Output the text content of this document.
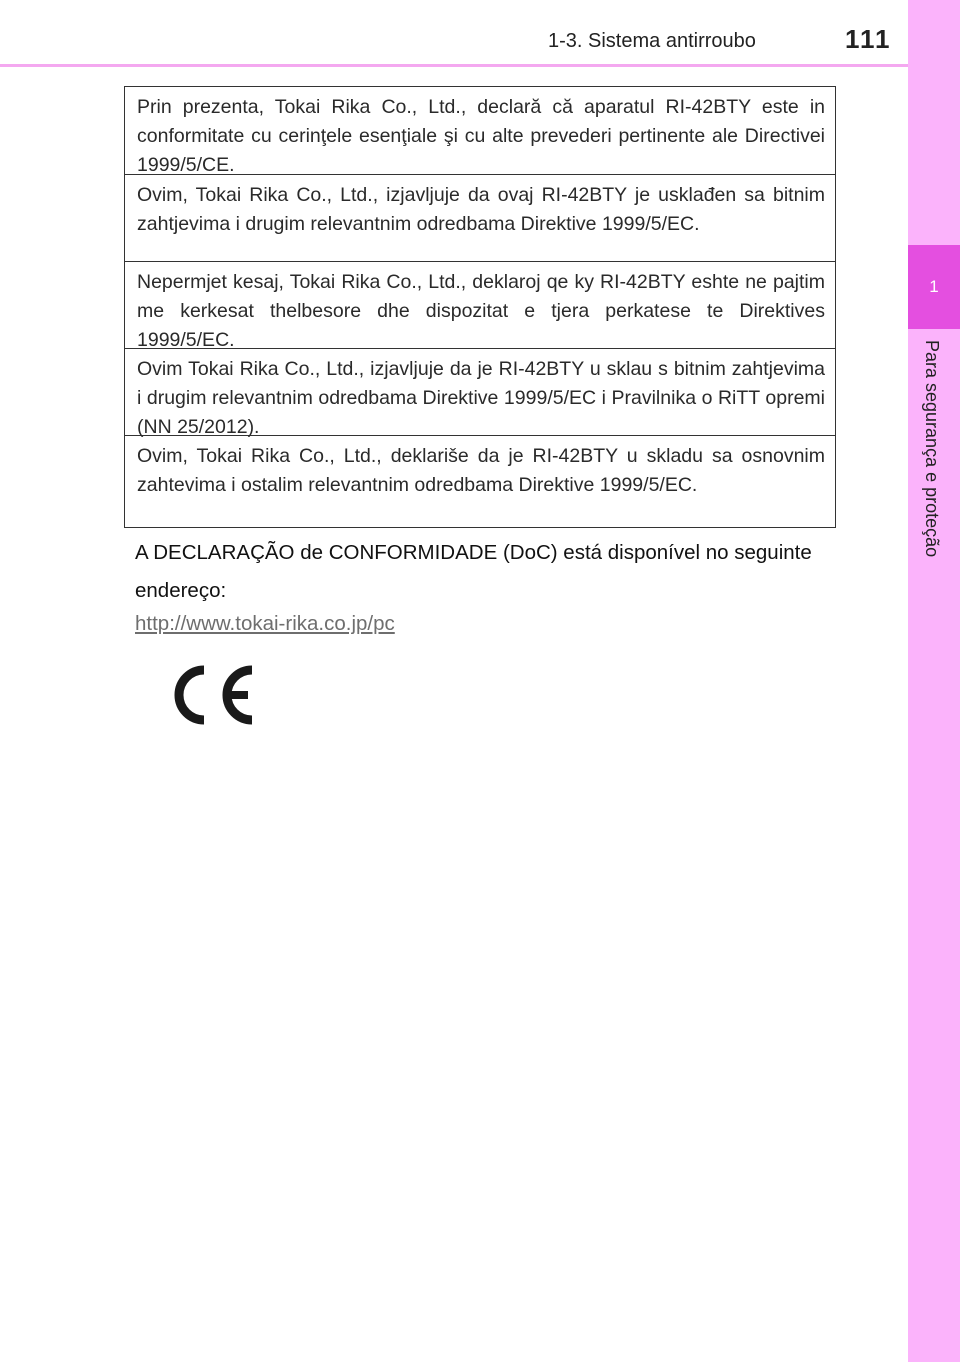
1-3. Sistema antirroubo	111
1
Para segurança e proteção
Prin prezenta, Tokai Rika Co., Ltd., declară că aparatul RI-42BTY este in conformitate cu cerinţele esenţiale şi cu alte prevederi pertinente ale Directivei 1999/5/CE.
Ovim, Tokai Rika Co., Ltd., izjavljuje da ovaj RI-42BTY je usklađen sa bitnim zahtjevima i drugim relevantnim odredbama Direktive 1999/5/EC.
Nepermjet kesaj, Tokai Rika Co., Ltd., deklaroj qe ky RI-42BTY eshte ne pajtim me kerkesat thelbesore dhe dispozitat e tjera perkatese te Direktives 1999/5/EC.
Ovim Tokai Rika Co., Ltd., izjavljuje da je RI-42BTY u sklau s bitnim zahtjevima i drugim relevantnim odredbama Direktive 1999/5/EC i Pravilnika o RiTT opremi (NN 25/2012).
Ovim, Tokai Rika Co., Ltd., deklariše da je RI-42BTY u skladu sa osnovnim zahtevima i ostalim relevantnim odredbama Direktive 1999/5/EC.
A DECLARAÇÃO de CONFORMIDADE (DoC) está disponível no seguinte endereço:
http://www.tokai-rika.co.jp/pc
